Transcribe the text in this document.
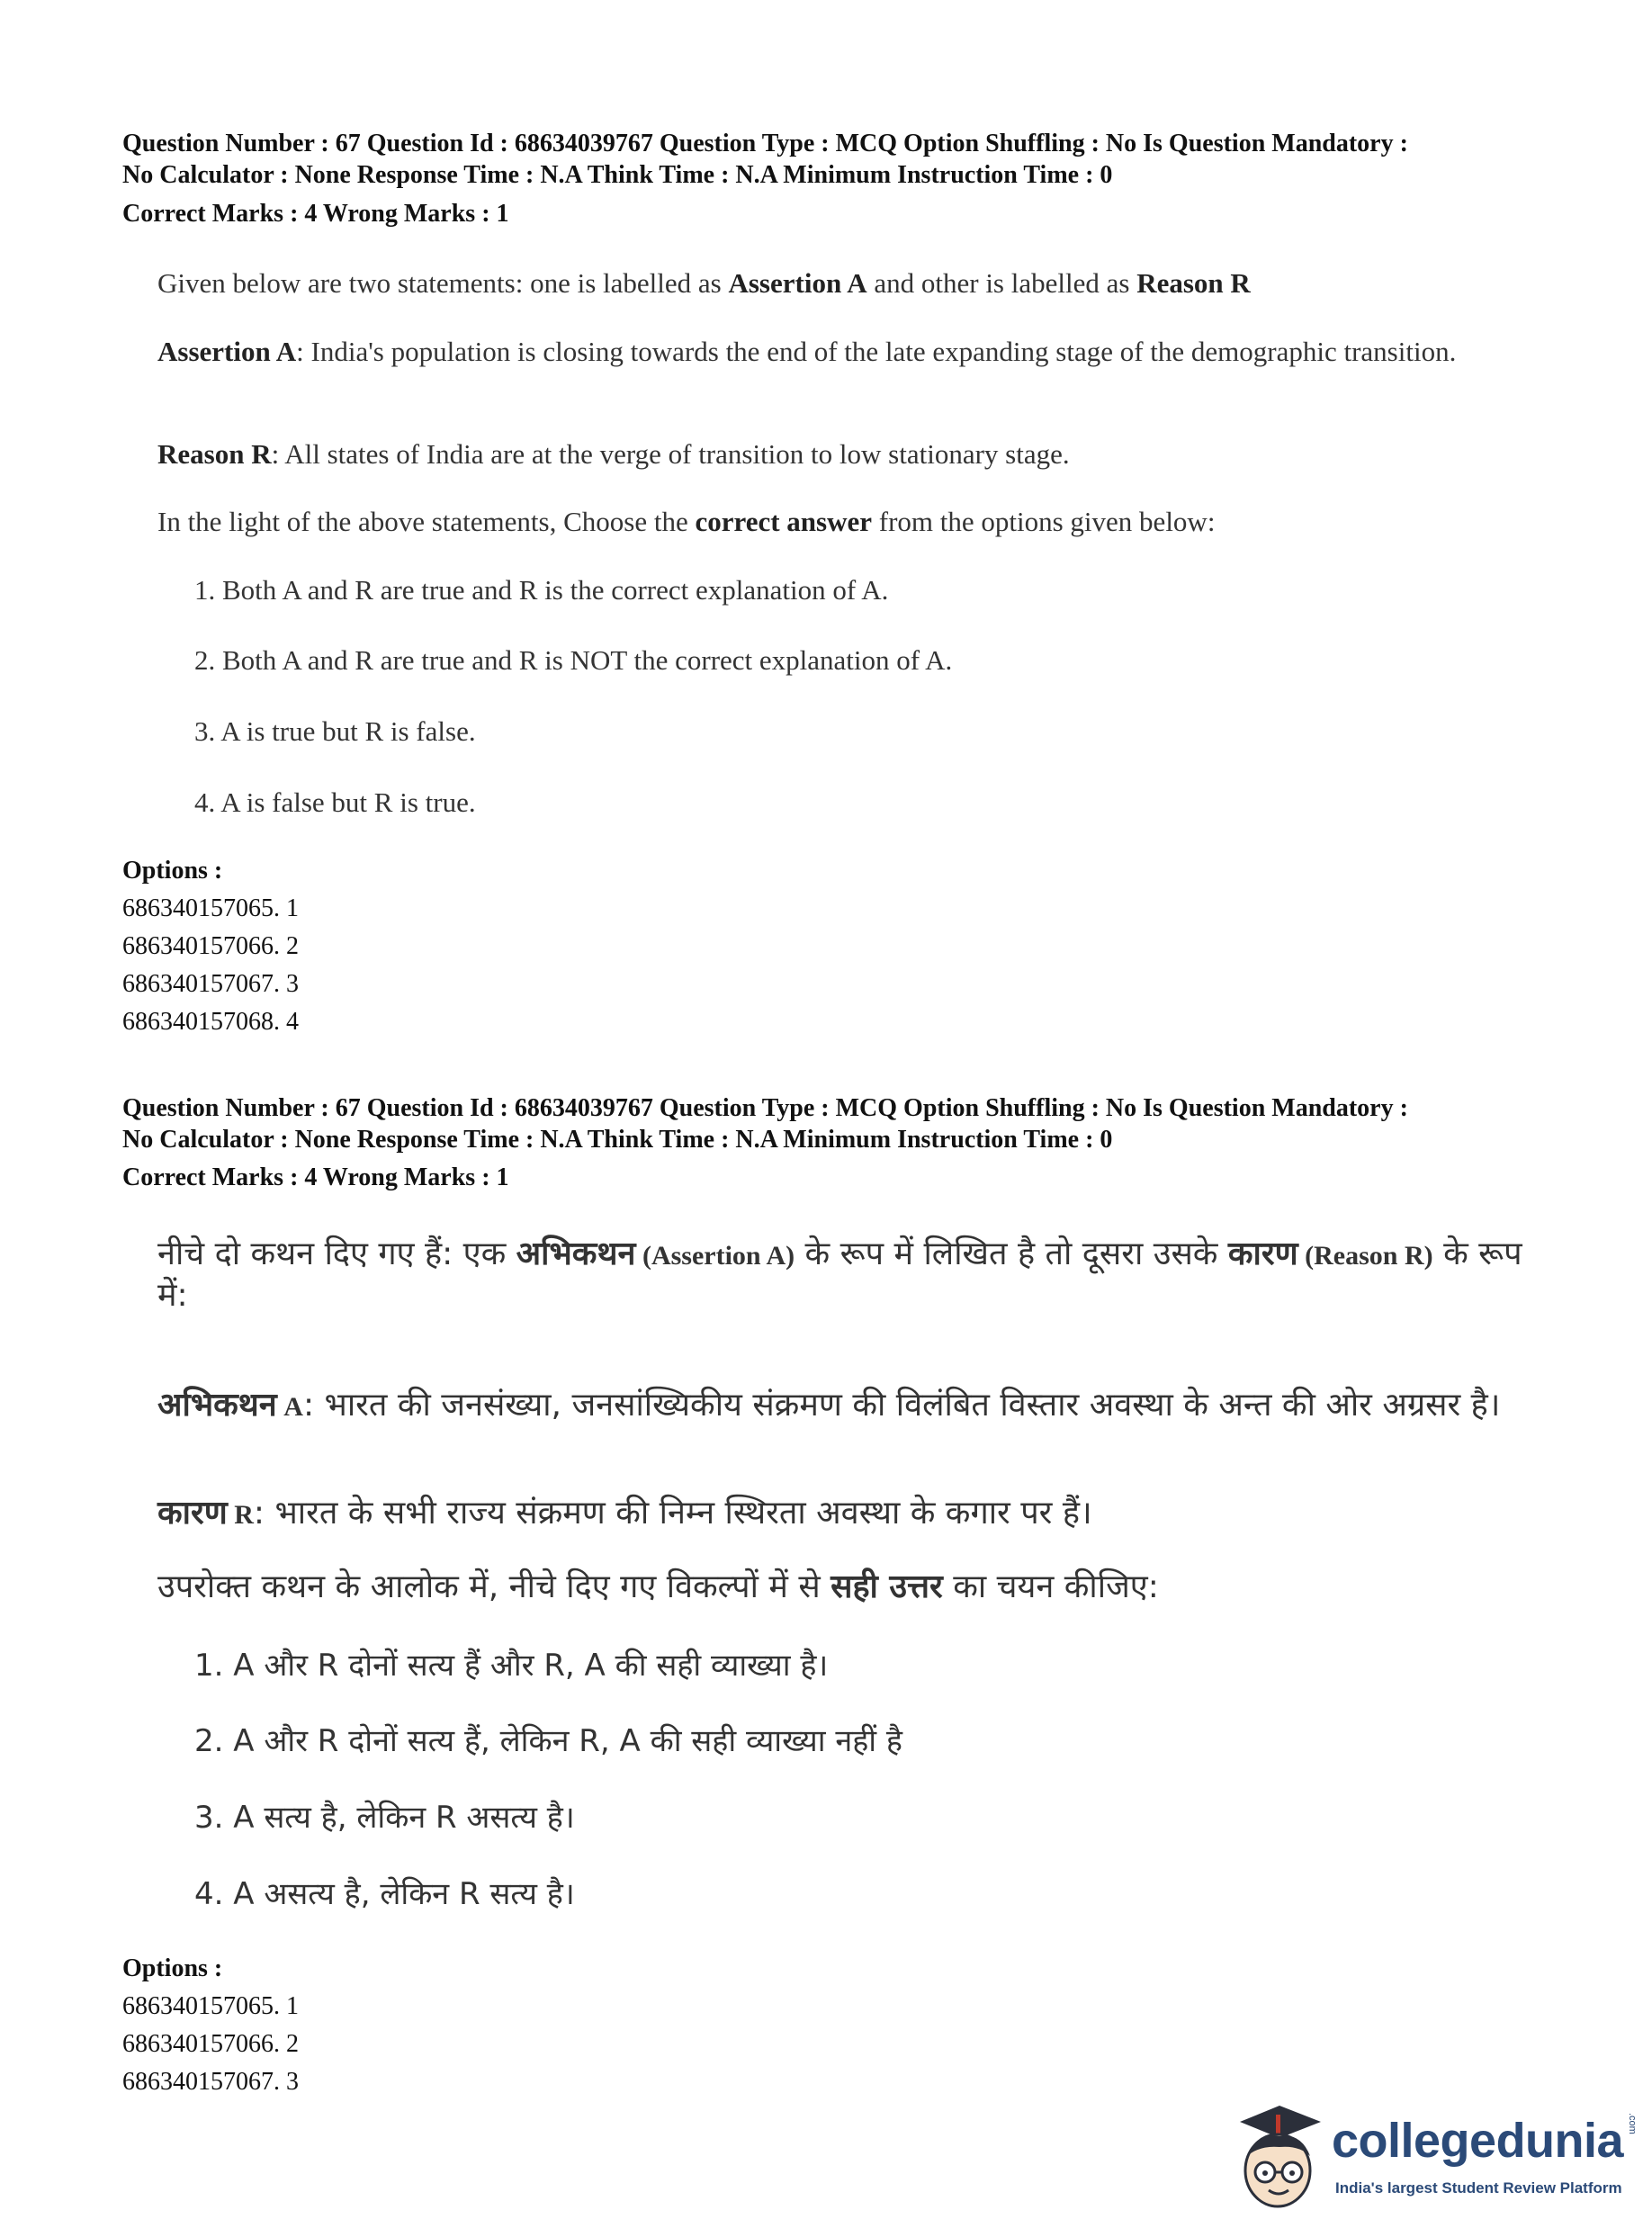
Question Number : 67 Question Id : 68634039767 Question Type : MCQ Option Shuffling : No Is Question Mandatory :
No Calculator : None Response Time : N.A Think Time : N.A Minimum Instruction Time : 0
Correct Marks : 4 Wrong Marks : 1
Given below are two statements: one is labelled as Assertion A and other is labelled as Reason R
Assertion A: India's population is closing towards the end of the late expanding stage of the demographic transition.
Reason R: All states of India are at the verge of transition to low stationary stage.
In the light of the above statements, Choose the correct answer from the options given below:
1. Both A and R are true and R is the correct explanation of A.
2. Both A and R are true and R is NOT the correct explanation of A.
3. A is true but R is false.
4. A is false but R is true.
Options :
686340157065. 1
686340157066. 2
686340157067. 3
686340157068. 4
Question Number : 67 Question Id : 68634039767 Question Type : MCQ Option Shuffling : No Is Question Mandatory :
No Calculator : None Response Time : N.A Think Time : N.A Minimum Instruction Time : 0
Correct Marks : 4 Wrong Marks : 1
नीचे दो कथन दिए गए हैं: एक अभिकथन (Assertion A) के रूप में लिखित है तो दूसरा उसके कारण (Reason R) के रूप में:
अभिकथन A: भारत की जनसंख्या, जनसांख्यिकीय संक्रमण की विलंबित विस्तार अवस्था के अन्त की ओर अग्रसर है।
कारण R: भारत के सभी राज्य संक्रमण की निम्न स्थिरता अवस्था के कगार पर हैं।
उपरोक्त कथन के आलोक में, नीचे दिए गए विकल्पों में से सही उत्तर का चयन कीजिए:
1. A और R दोनों सत्य हैं और R, A की सही व्याख्या है।
2. A और R दोनों सत्य हैं, लेकिन R, A की सही व्याख्या नहीं है
3. A सत्य है, लेकिन R असत्य है।
4. A असत्य है, लेकिन R सत्य है।
Options :
686340157065. 1
686340157066. 2
686340157067. 3
collegedunia .com
India's largest Student Review Platform
